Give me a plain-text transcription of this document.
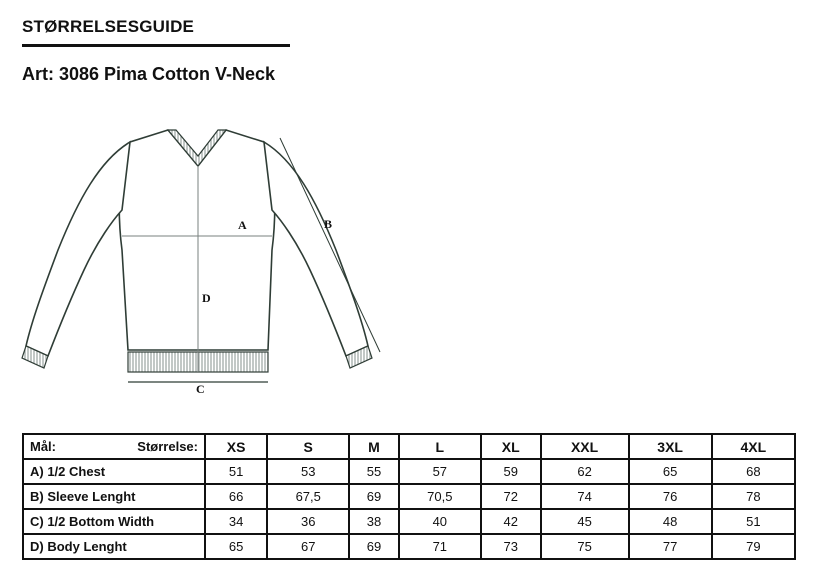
STØRRELSESGUIDE
Art: 3086 Pima Cotton V-Neck
A	B
C
D
Mål: Størrelse:	XS	S	M	L	XL	XXL	3XL	4XL
A) 1/2 Chest	51	53	55	57	59	62	65	68
B) Sleeve Lenght	66	67,5	69	70,5	72	74	76	78
C) 1/2 Bottom Width	34	36	38	40	42	45	48	51
D) Body Lenght	65	67	69	71	73	75	77	79
